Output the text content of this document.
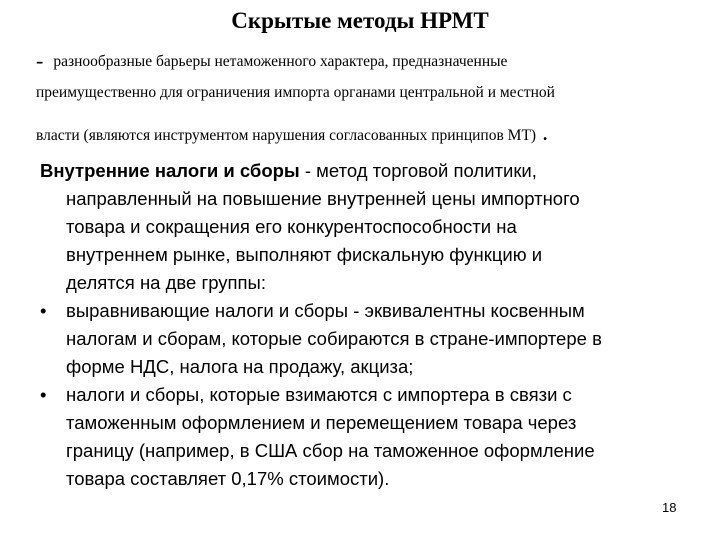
Скрытые методы НРМТ
- разнообразные барьеры нетаможенного характера, предназначенные
преимущественно для ограничения импорта органами центральной и местной
власти (являются инструментом нарушения согласованных принципов МТ) .
Внутренние налоги и сборы - метод торговой политики,
направленный на повышение внутренней цены импортного
товара и сокращения его конкурентоспособности на
внутреннем рынке, выполняют фискальную функцию и
делятся на две группы:
• выравнивающие налоги и сборы - эквивалентны косвенным
налогам и сборам, которые собираются в стране-импортере в
форме НДС, налога на продажу, акциза;
• налоги и сборы, которые взимаются с импортера в связи с
таможенным оформлением и перемещением товара через
границу (например, в США сбор на таможенное оформление
товара составляет 0,17% стоимости).
18
